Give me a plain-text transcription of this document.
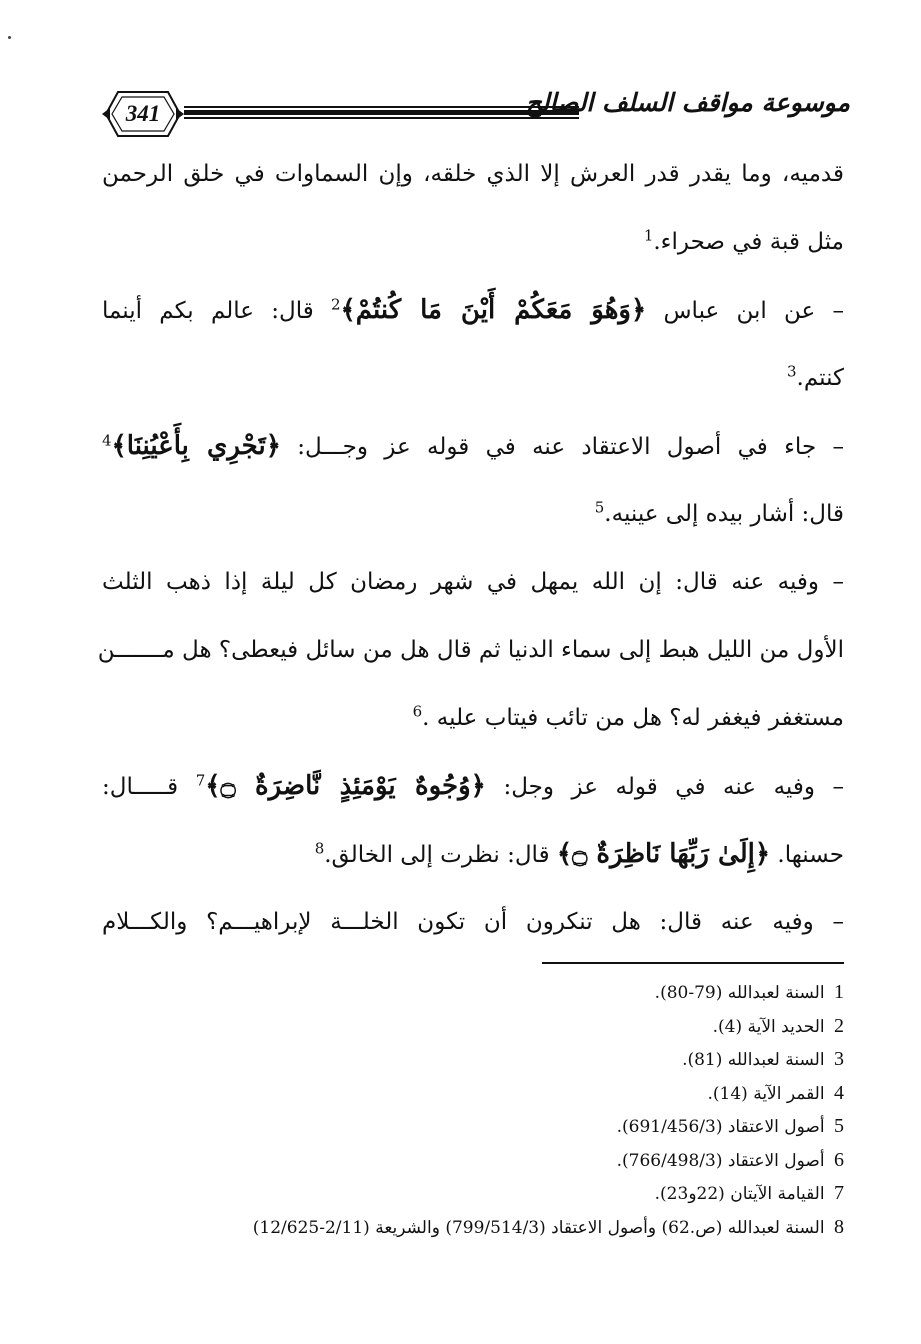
341	موسوعة مواقف السلف الصالح
قدميه، وما يقدر قدر العرش إلا الذي خلقه، وإن السماوات في خلق الرحمن
مثل قبة في صحراء.$^1$
– عن ابن عباس ﴿وَهُوَ مَعَكُمْ أَيْنَ مَا كُنتُمْ﴾$^2$ قال: عالم بكم أينما
كنتم.$^3$
– جاء في أصول الاعتقاد عنه في قوله عز وجـــل: ﴿تَجْرِي بِأَعْيُنِنَا﴾$^4$
قال: أشار بيده إلى عينيه.$^5$
– وفيه عنه قال: إن الله يمهل في شهر رمضان كل ليلة إذا ذهب الثلث
الأول من الليل هبط إلى سماء الدنيا ثم قال هل من سائل فيعطى؟ هل مـــــــن
مستغفر فيغفر له؟ هل من تائب فيتاب عليه .$^6$
– وفيه عنه في قوله عز وجل: ﴿وُجُوهٌ يَوْمَئِذٍ نَّاضِرَةٌ ۝﴾$^7$ قـــــال:
حسنها. ﴿إِلَىٰ رَبِّهَا نَاظِرَةٌ ۝﴾ قال: نظرت إلى الخالق.$^8$
– وفيه عنه قال: هل تنكرون أن تكون الخلـــة لإبراهيـــم؟ والكـــلام
1 السنة لعبدالله (79-80).
2 الحديد الآية (4).
3 السنة لعبدالله (81).
4 القمر الآية (14).
5 أصول الاعتقاد (691/456/3).
6 أصول الاعتقاد (766/498/3).
7 القيامة الآيتان (22و23).
8 السنة لعبدالله (ص.62) وأصول الاعتقاد (799/514/3) والشريعة (2/11-12/625)
